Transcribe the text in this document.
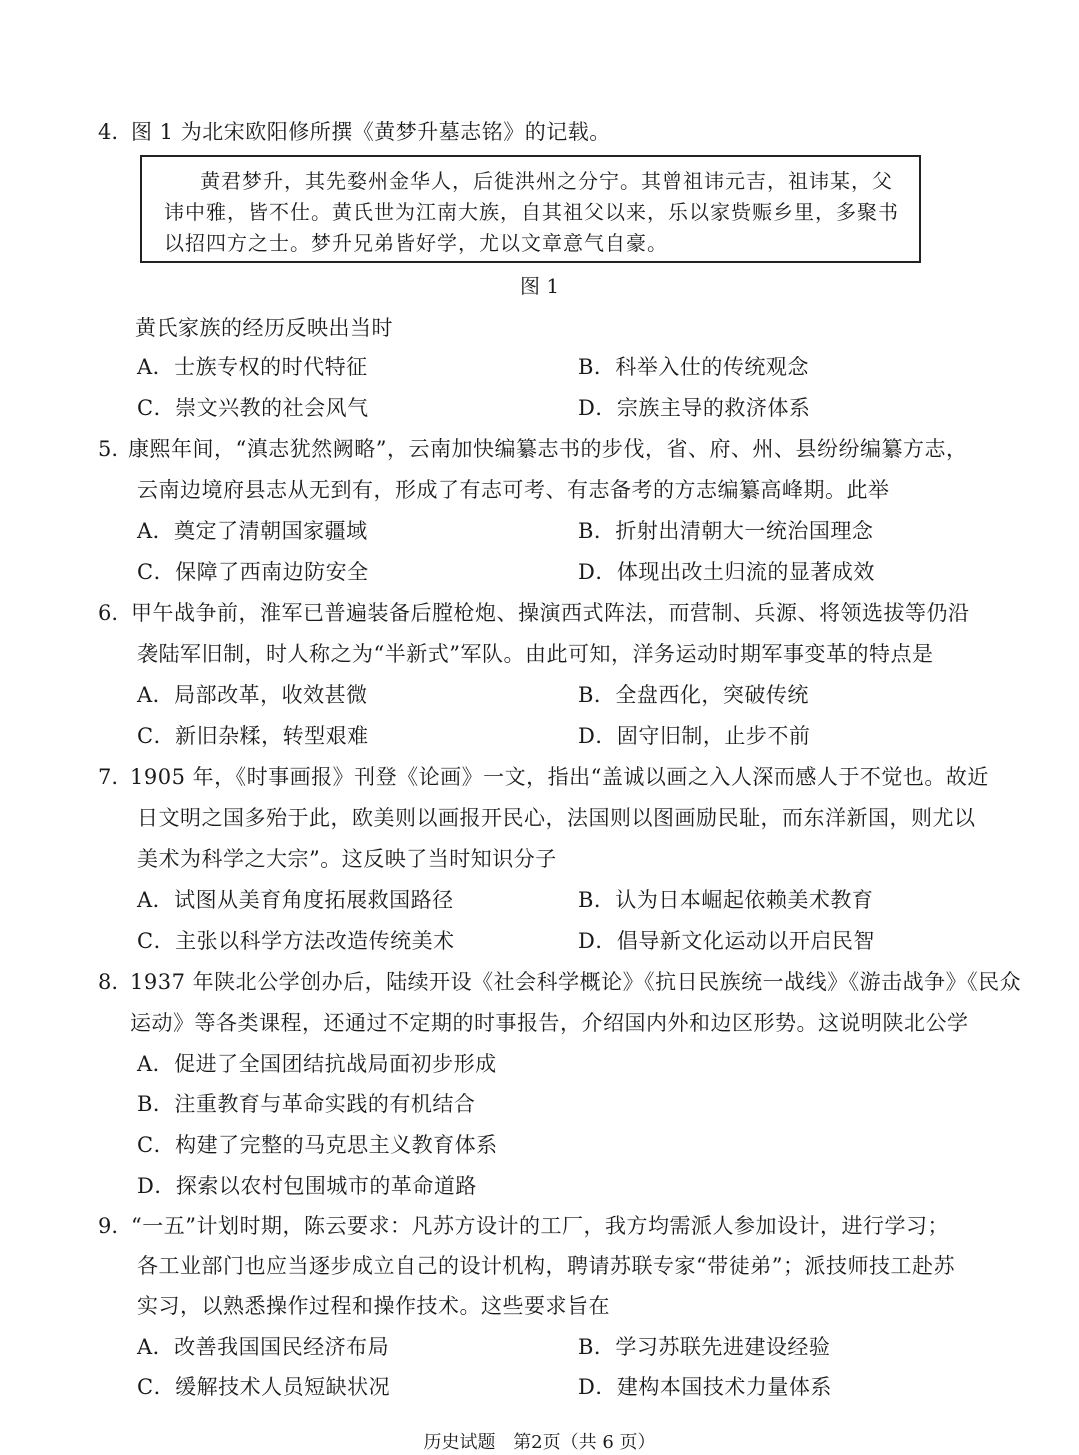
4. 图 1 为北宋欧阳修所撰《黄梦升墓志铭》的记载。
黄君梦升，其先婺州金华人，后徙洪州之分宁。其曾祖讳元吉，祖讳某，父
讳中雅，皆不仕。黄氏世为江南大族，自其祖父以来，乐以家赀赈乡里，多聚书
以招四方之士。梦升兄弟皆好学，尤以文章意气自豪。
图 1
黄氏家族的经历反映出当时
A．士族专权的时代特征	B．科举入仕的传统观念
C．崇文兴教的社会风气	D．宗族主导的救济体系
5. 康熙年间，“滇志犹然阙略”，云南加快编纂志书的步伐，省、府、州、县纷纷编纂方志，
云南边境府县志从无到有，形成了有志可考、有志备考的方志编纂高峰期。此举
A．奠定了清朝国家疆域	B．折射出清朝大一统治国理念
C．保障了西南边防安全	D．体现出改土归流的显著成效
6. 甲午战争前，淮军已普遍装备后膛枪炮、操演西式阵法，而营制、兵源、将领选拔等仍沿
袭陆军旧制，时人称之为“半新式”军队。由此可知，洋务运动时期军事变革的特点是
A．局部改革，收效甚微	B．全盘西化，突破传统
C．新旧杂糅，转型艰难	D．固守旧制，止步不前
7. 1905 年，《时事画报》刊登《论画》一文，指出“盖诚以画之入人深而感人于不觉也。故近
日文明之国多殆于此，欧美则以画报开民心，法国则以图画励民耻，而东洋新国，则尤以
美术为科学之大宗”。这反映了当时知识分子
A．试图从美育角度拓展救国路径	B．认为日本崛起依赖美术教育
C．主张以科学方法改造传统美术	D．倡导新文化运动以开启民智
8. 1937 年陕北公学创办后，陆续开设《社会科学概论》《抗日民族统一战线》《游击战争》《民众
运动》等各类课程，还通过不定期的时事报告，介绍国内外和边区形势。这说明陕北公学
A．促进了全国团结抗战局面初步形成
B．注重教育与革命实践的有机结合
C．构建了完整的马克思主义教育体系
D．探索以农村包围城市的革命道路
9. “一五”计划时期，陈云要求：凡苏方设计的工厂，我方均需派人参加设计，进行学习；
各工业部门也应当逐步成立自己的设计机构，聘请苏联专家“带徒弟”；派技师技工赴苏
实习，以熟悉操作过程和操作技术。这些要求旨在
A．改善我国国民经济布局	B．学习苏联先进建设经验
C．缓解技术人员短缺状况	D．建构本国技术力量体系
历史试题 第2页（共 6 页）
